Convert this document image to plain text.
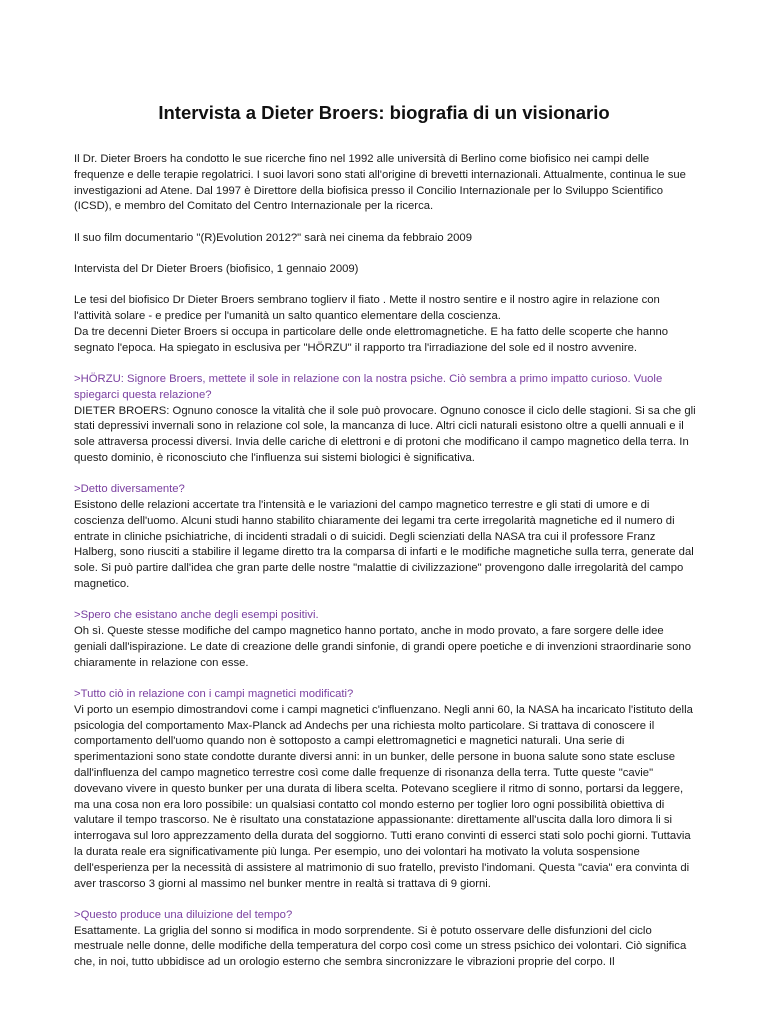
Intervista a Dieter Broers: biografia di un visionario

Il Dr. Dieter Broers ha condotto le sue ricerche fino nel 1992 alle università di Berlino come biofisico nei campi delle frequenze e delle terapie regolatrici. I suoi lavori sono stati all'origine di brevetti internazionali. Attualmente, continua le sue investigazioni ad Atene. Dal 1997 è Direttore della biofisica presso il Concilio Internazionale per lo Sviluppo Scientifico (ICSD), e membro del Comitato del Centro Internazionale per la ricerca.

Il suo film documentario "(R)Evolution 2012?" sarà nei cinema da febbraio 2009

Intervista del Dr Dieter Broers (biofisico, 1 gennaio 2009)

Le tesi del biofisico Dr Dieter Broers sembrano toglierv il fiato . Mette il nostro sentire e il nostro agire in relazione con l'attività solare - e predice per l'umanità un salto quantico elementare della coscienza.
Da tre decenni Dieter Broers si occupa in particolare delle onde elettromagnetiche. E ha fatto delle scoperte che hanno segnato l'epoca. Ha spiegato in esclusiva per "HÖRZU" il rapporto tra l'irradiazione del sole ed il nostro avvenire.

>HÖRZU: Signore Broers, mettete il sole in relazione con la nostra psiche. Ciò sembra a primo impatto curioso. Vuole spiegarci questa relazione?
DIETER BROERS: Ognuno conosce la vitalità che il sole può provocare. Ognuno conosce il ciclo delle stagioni. Si sa che gli stati depressivi invernali sono in relazione col sole, la mancanza di luce. Altri cicli naturali esistono oltre a quelli annuali e il sole attraversa processi diversi. Invia delle cariche di elettroni e di protoni che modificano il campo magnetico della terra. In questo dominio, è riconosciuto che l'influenza sui sistemi biologici è significativa.
>Detto diversamente?
Esistono delle relazioni accertate tra l'intensità e le variazioni del campo magnetico terrestre e gli stati di umore e di coscienza dell'uomo. Alcuni studi hanno stabilito chiaramente dei legami tra certe irregolarità magnetiche ed il numero di entrate in cliniche psichiatriche, di incidenti stradali o di suicidi. Degli scienziati della NASA tra cui il professore Franz Halberg, sono riusciti a stabilire il legame diretto tra la comparsa di infarti e le modifiche magnetiche sulla terra, generate dal sole. Si può partire dall'idea che gran parte delle nostre "malattie di civilizzazione" provengono dalle irregolarità del campo magnetico.
>Spero che esistano anche degli esempi positivi.
Oh sì. Queste stesse modifiche del campo magnetico hanno portato, anche in modo provato, a fare sorgere delle idee geniali dall'ispirazione. Le date di creazione delle grandi sinfonie, di grandi opere poetiche e di invenzioni straordinarie sono chiaramente in relazione con esse.
>Tutto ciò in relazione con i campi magnetici modificati?
Vi porto un esempio dimostrandovi come i campi magnetici c'influenzano. Negli anni 60, la NASA ha incaricato l'istituto della psicologia del comportamento Max-Planck ad Andechs per una richiesta molto particolare. Si trattava di conoscere il comportamento dell'uomo quando non è sottoposto a campi elettromagnetici e magnetici naturali. Una serie di sperimentazioni sono state condotte durante diversi anni: in un bunker, delle persone in buona salute sono state escluse dall'influenza del campo magnetico terrestre così come dalle frequenze di risonanza della terra. Tutte queste "cavie" dovevano vivere in questo bunker per una durata di libera scelta. Potevano scegliere il ritmo di sonno, portarsi da leggere, ma una cosa non era loro possibile: un qualsiasi contatto col mondo esterno per toglier loro ogni possibilità obiettiva di valutare il tempo trascorso. Ne è risultato una constatazione appassionante: direttamente all'uscita dalla loro dimora li si interrogava sul loro apprezzamento della durata del soggiorno. Tutti erano convinti di esserci stati solo pochi giorni. Tuttavia la durata reale era significativamente più lunga. Per esempio, uno dei volontari ha motivato la voluta sospensione dell'esperienza per la necessità di assistere al matrimonio di suo fratello, previsto l'indomani. Questa "cavia" era convinta di aver trascorso 3 giorni al massimo nel bunker mentre in realtà si trattava di 9 giorni.
>Questo produce una diluizione del tempo?
Esattamente. La griglia del sonno si modifica in modo sorprendente. Si è potuto osservare delle disfunzioni del ciclo mestruale nelle donne, delle modifiche della temperatura del corpo così come un stress psichico dei volontari. Ciò significa che, in noi, tutto ubbidisce ad un orologio esterno che sembra sincronizzare le vibrazioni proprie del corpo. Il
